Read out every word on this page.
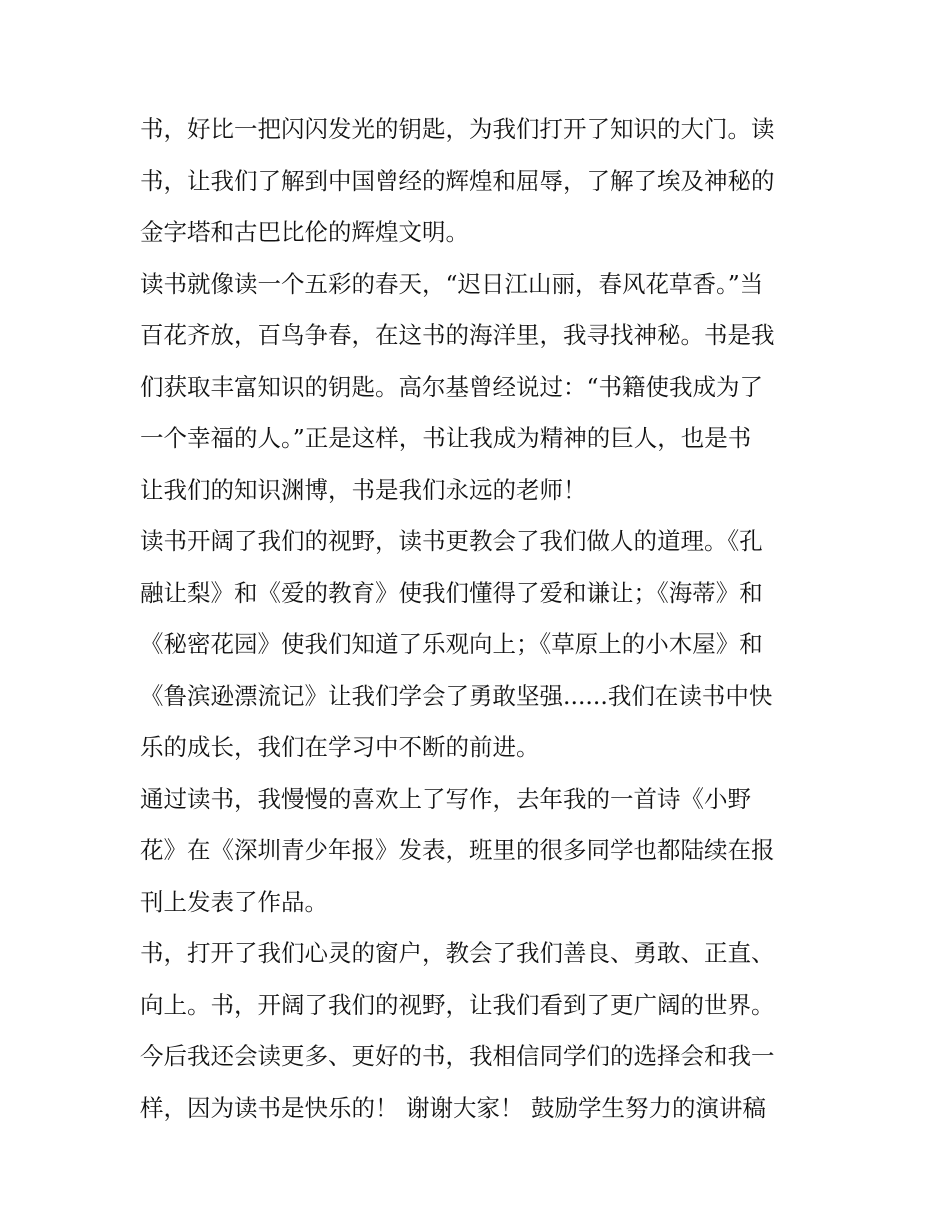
书，好比一把闪闪发光的钥匙，为我们打开了知识的大门。读
书，让我们了解到中国曾经的辉煌和屈辱，了解了埃及神秘的
金字塔和古巴比伦的辉煌文明。
读书就像读一个五彩的春天，“迟日江山丽，春风花草香。”当
百花齐放，百鸟争春，在这书的海洋里，我寻找神秘。书是我
们获取丰富知识的钥匙。高尔基曾经说过：“书籍使我成为了
一个幸福的人。”正是这样，书让我成为精神的巨人，也是书
让我们的知识渊博，书是我们永远的老师！
读书开阔了我们的视野，读书更教会了我们做人的道理。《孔
融让梨》和《爱的教育》使我们懂得了爱和谦让；《海蒂》和
《秘密花园》使我们知道了乐观向上；《草原上的小木屋》和
《鲁滨逊漂流记》让我们学会了勇敢坚强......我们在读书中快
乐的成长，我们在学习中不断的前进。
通过读书，我慢慢的喜欢上了写作，去年我的一首诗《小野
花》在《深圳青少年报》发表，班里的很多同学也都陆续在报
刊上发表了作品。
书，打开了我们心灵的窗户，教会了我们善良、勇敢、正直、
向上。书，开阔了我们的视野，让我们看到了更广阔的世界。
今后我还会读更多、更好的书，我相信同学们的选择会和我一
样，因为读书是快乐的！ 谢谢大家！ 鼓励学生努力的演讲稿
